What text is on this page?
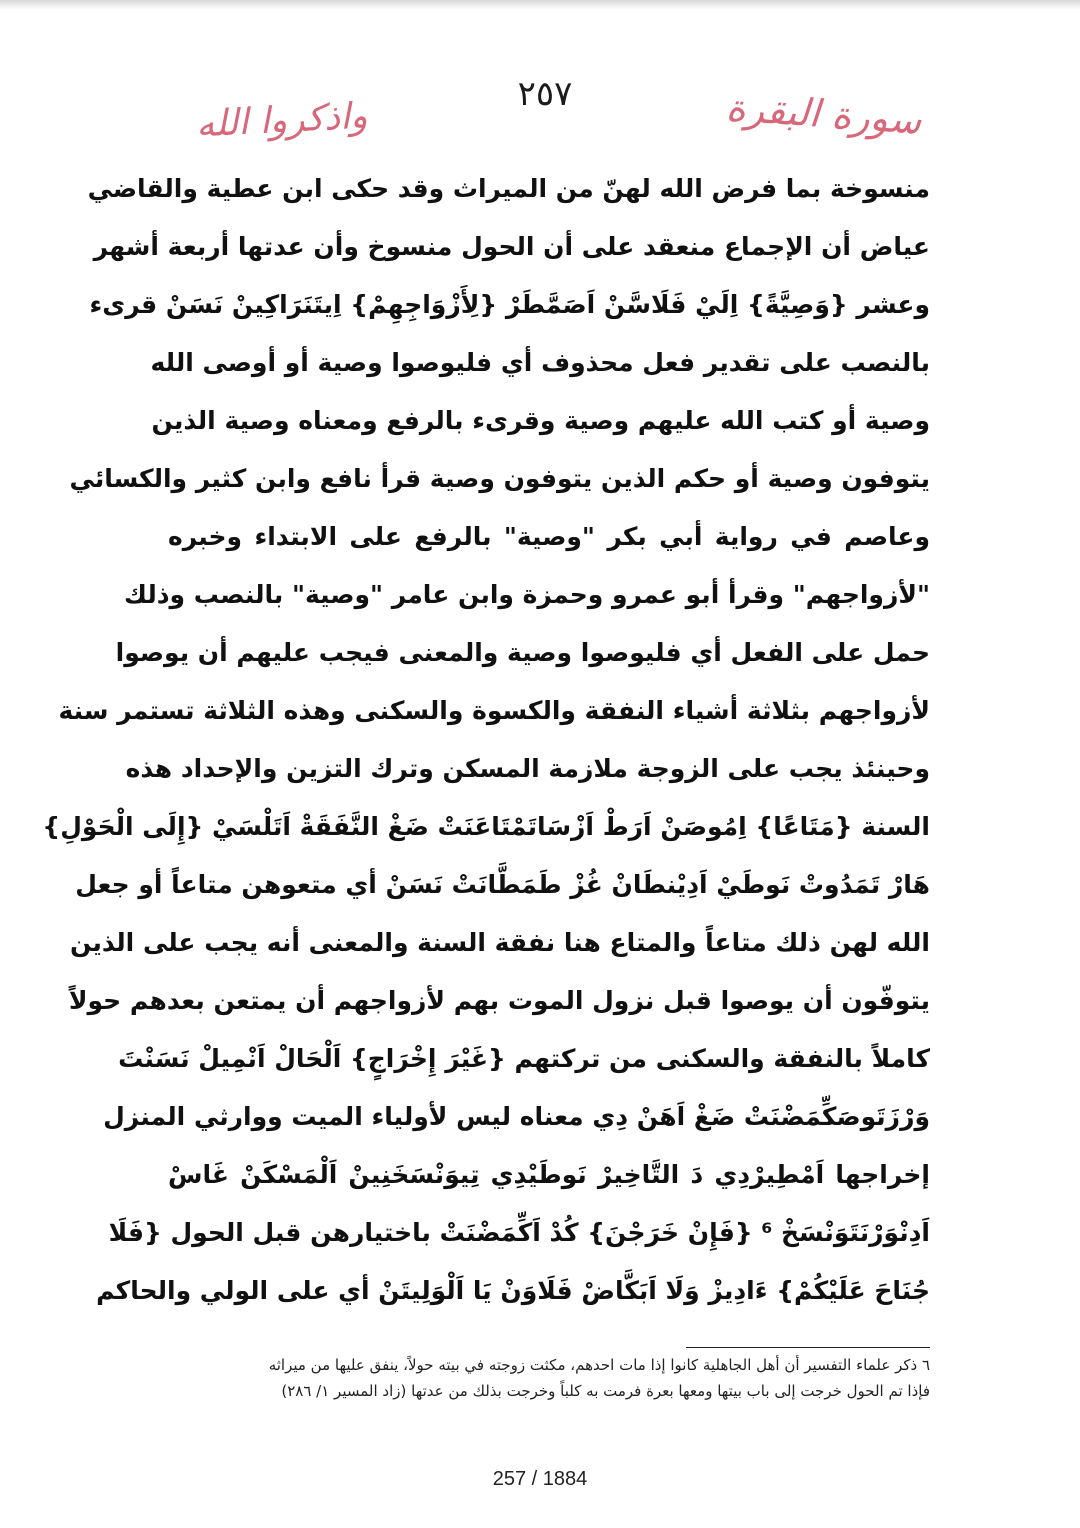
٢٥٧	سورة البقرة
واذكروا الله
منسوخة بما فرض الله لهنّ من الميراث وقد حكى ابن عطية والقاضي
عياض أن الإجماع منعقد على أن الحول منسوخ وأن عدتها أربعة أشهر
وعشر {وَصِيَّةً} اِلَيْ فَلَاسَّنْ اَصَمَّطَرْ {لِأَزْوَاجِهِمْ} اِيتَنَرَاكِينْ نَسَنْ قرىء
بالنصب على تقدير فعل محذوف أي فليوصوا وصية أو أوصى الله
وصية أو كتب الله عليهم وصية وقرىء بالرفع ومعناه وصية الذين
يتوفون وصية أو حكم الذين يتوفون وصية قرأ نافع وابن كثير والكسائي
وعاصم في رواية أبي بكر "وصية" بالرفع على الابتداء وخبره
"لأزواجهم" وقرأ أبو عمرو وحمزة وابن عامر "وصية" بالنصب وذلك
حمل على الفعل أي فليوصوا وصية والمعنى فيجب عليهم أن يوصوا
لأزواجهم بثلاثة أشياء النفقة والكسوة والسكنى وهذه الثلاثة تستمر سنة
وحينئذ يجب على الزوجة ملازمة المسكن وترك التزين والإحداد هذه
السنة {مَتَاعًا} اِمُوصَنْ اَرَطْ اَزْسَاتَمْتَاعَنَتْ ضَغْ النَّفَقَةْ اَتَلْسَيْ {إِلَى الْحَوْلِ}
هَارْ تَمَدُوتْ نَوطَيْ اَدِيْنطَانْ غُزْ طَمَطَّانَتْ نَسَنْ أي متعوهن متاعاً أو جعل
الله لهن ذلك متاعاً والمتاع هنا نفقة السنة والمعنى أنه يجب على الذين
يتوفّون أن يوصوا قبل نزول الموت بهم لأزواجهم أن يمتعن بعدهم حولاً
كاملاً بالنفقة والسكنى من تركتهم {غَيْرَ إِخْرَاجٍ} اَلْحَالْ اَنْمِيلْ نَسَنْتَ
وَرْزَتَوصَكِّمَضْنَتْ ضَغْ اَهَنْ دِي معناه ليس لأولياء الميت ووارثي المنزل
إخراجها اَمْطِيرْدِي دَ التَّاخِيرْ نَوطَيْدِي تِيوَنْسَخَنِينْ اَلْمَسْكَنْ غَاسْ
اَدِنْوَرْنَتَوَنْسَخْ ⁶ {فَإِنْ خَرَجْنَ} كُدْ اَكِّمَضْنَتْ باختيارهن قبل الحول {فَلَا
جُنَاحَ عَلَيْكُمْ} ءَادِيزْ وَلَا اَبَكَّاضْ فَلَاوَنْ يَا اَلْوَلِيتَنْ أي على الولي والحاكم
٦ ذكر علماء التفسير أن أهل الجاهلية كانوا إذا مات احدهم، مكثت زوجته في بيته حولاً، ينفق عليها من ميراثه
فإذا تم الحول خرجت إلى باب بيتها ومعها بعرة فرمت به كلباً وخرجت بذلك من عدتها (زاد المسير ١/ ٢٨٦)
257 / 1884
